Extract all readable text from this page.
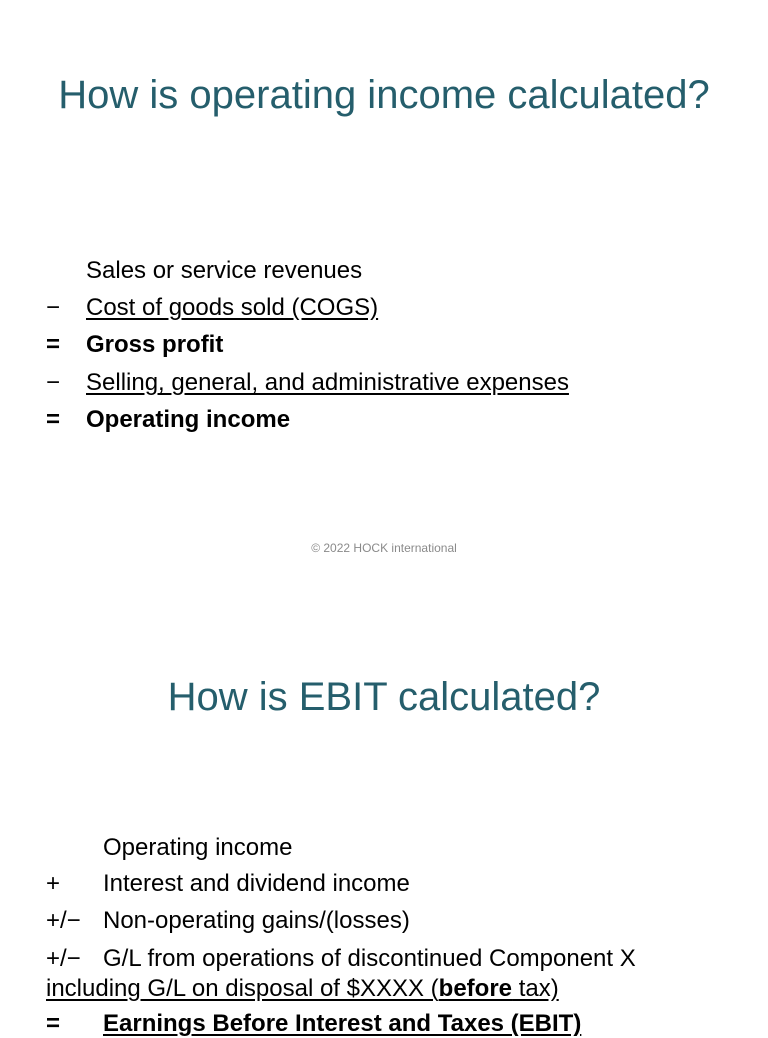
How is operating income calculated?
Sales or service revenues
− Cost of goods sold (COGS)
= Gross profit
− Selling, general, and administrative expenses
= Operating income
© 2022 HOCK international
How is EBIT calculated?
Operating income
+ Interest and dividend income
+/− Non-operating gains/(losses)
+/− G/L from operations of discontinued Component X
including G/L on disposal of $XXXX (before tax)
= Earnings Before Interest and Taxes (EBIT)
